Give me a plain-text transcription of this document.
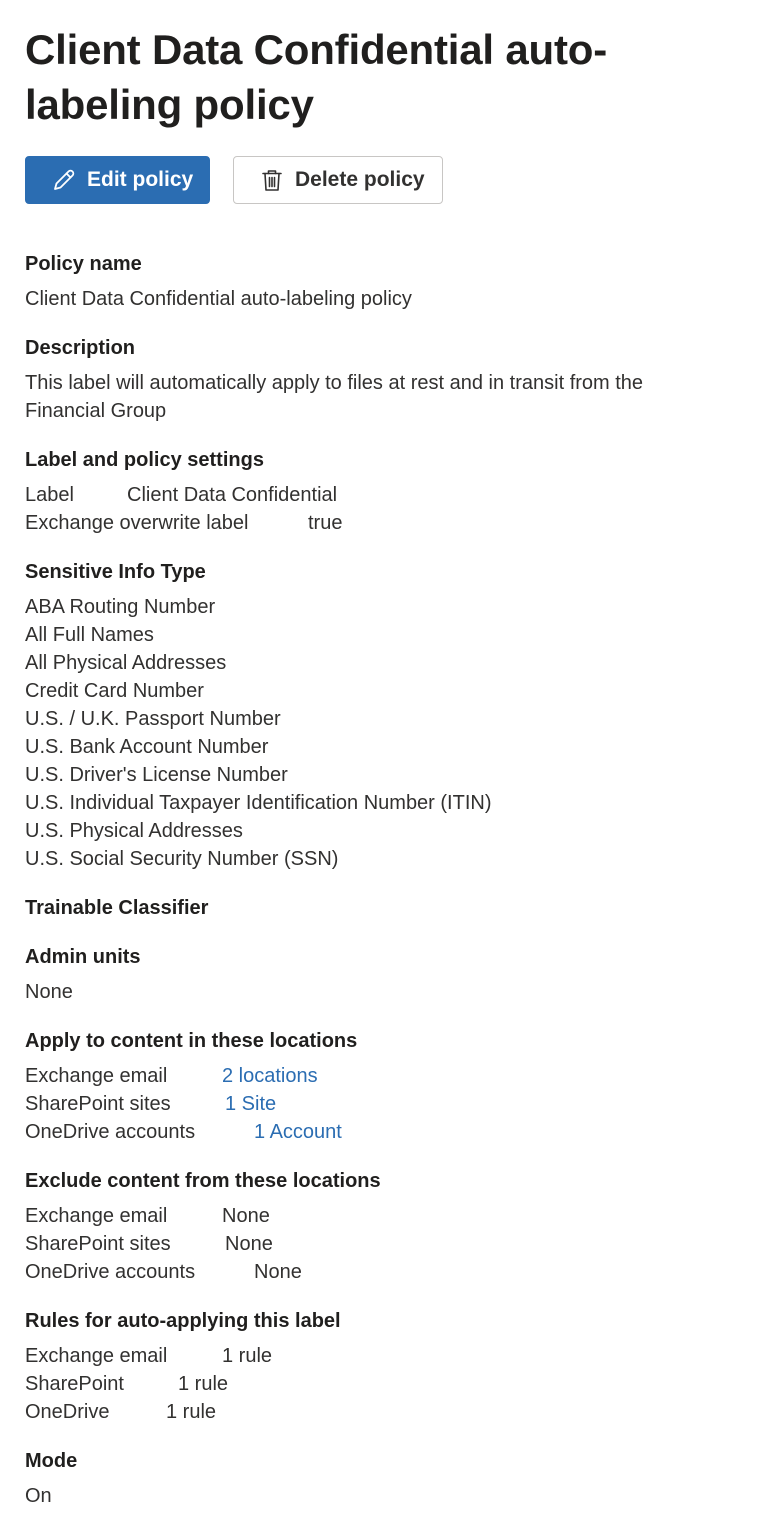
Client Data Confidential auto-labeling policy
Edit policy	Delete policy
Policy name
Client Data Confidential auto-labeling policy
Description
This label will automatically apply to files at rest and in transit from the
Financial Group
Label and policy settings
Label	Client Data Confidential
Exchange overwrite label	true
Sensitive Info Type
ABA Routing Number
All Full Names
All Physical Addresses
Credit Card Number
U.S. / U.K. Passport Number
U.S. Bank Account Number
U.S. Driver's License Number
U.S. Individual Taxpayer Identification Number (ITIN)
U.S. Physical Addresses
U.S. Social Security Number (SSN)
Trainable Classifier
Admin units
None
Apply to content in these locations
Exchange email	2 locations
SharePoint sites	1 Site
OneDrive accounts	1 Account
Exclude content from these locations
Exchange email	None
SharePoint sites	None
OneDrive accounts	None
Rules for auto-applying this label
Exchange email	1 rule
SharePoint	1 rule
OneDrive	1 rule
Mode
On
